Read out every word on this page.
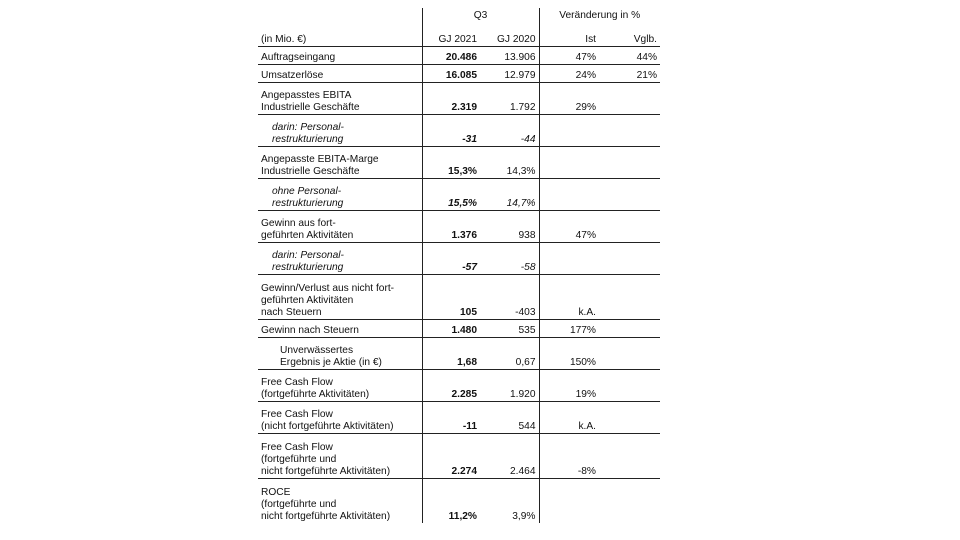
	Q3		Veränderung in %	
(in Mio. €)	GJ 2021	GJ 2020	Ist	Vglb.
Auftragseingang	20.486	13.906	47%	44%
Umsatzerlöse	16.085	12.979	24%	21%
Angepasstes EBITA
Industrielle Geschäfte	2.319	1.792	29%	
darin: Personal-
restrukturierung	-31	-44		
Angepasste EBITA-Marge
Industrielle Geschäfte	15,3%	14,3%		
ohne Personal-
restrukturierung	15,5%	14,7%		
Gewinn aus fort-
geführten Aktivitäten	1.376	938	47%	
darin: Personal-
restrukturierung	-57	-58		
Gewinn/Verlust aus nicht fort-
geführten Aktivitäten
nach Steuern	105	-403	k.A.	
Gewinn nach Steuern	1.480	535	177%	
Unverwässertes
Ergebnis je Aktie (in €)	1,68	0,67	150%	
Free Cash Flow
(fortgeführte Aktivitäten)	2.285	1.920	19%	
Free Cash Flow
(nicht fortgeführte Aktivitäten)	-11	544	k.A.	
Free Cash Flow
(fortgeführte und
nicht fortgeführte Aktivitäten)	2.274	2.464	-8%	
ROCE
(fortgeführte und
nicht fortgeführte Aktivitäten)	11,2%	3,9%		
